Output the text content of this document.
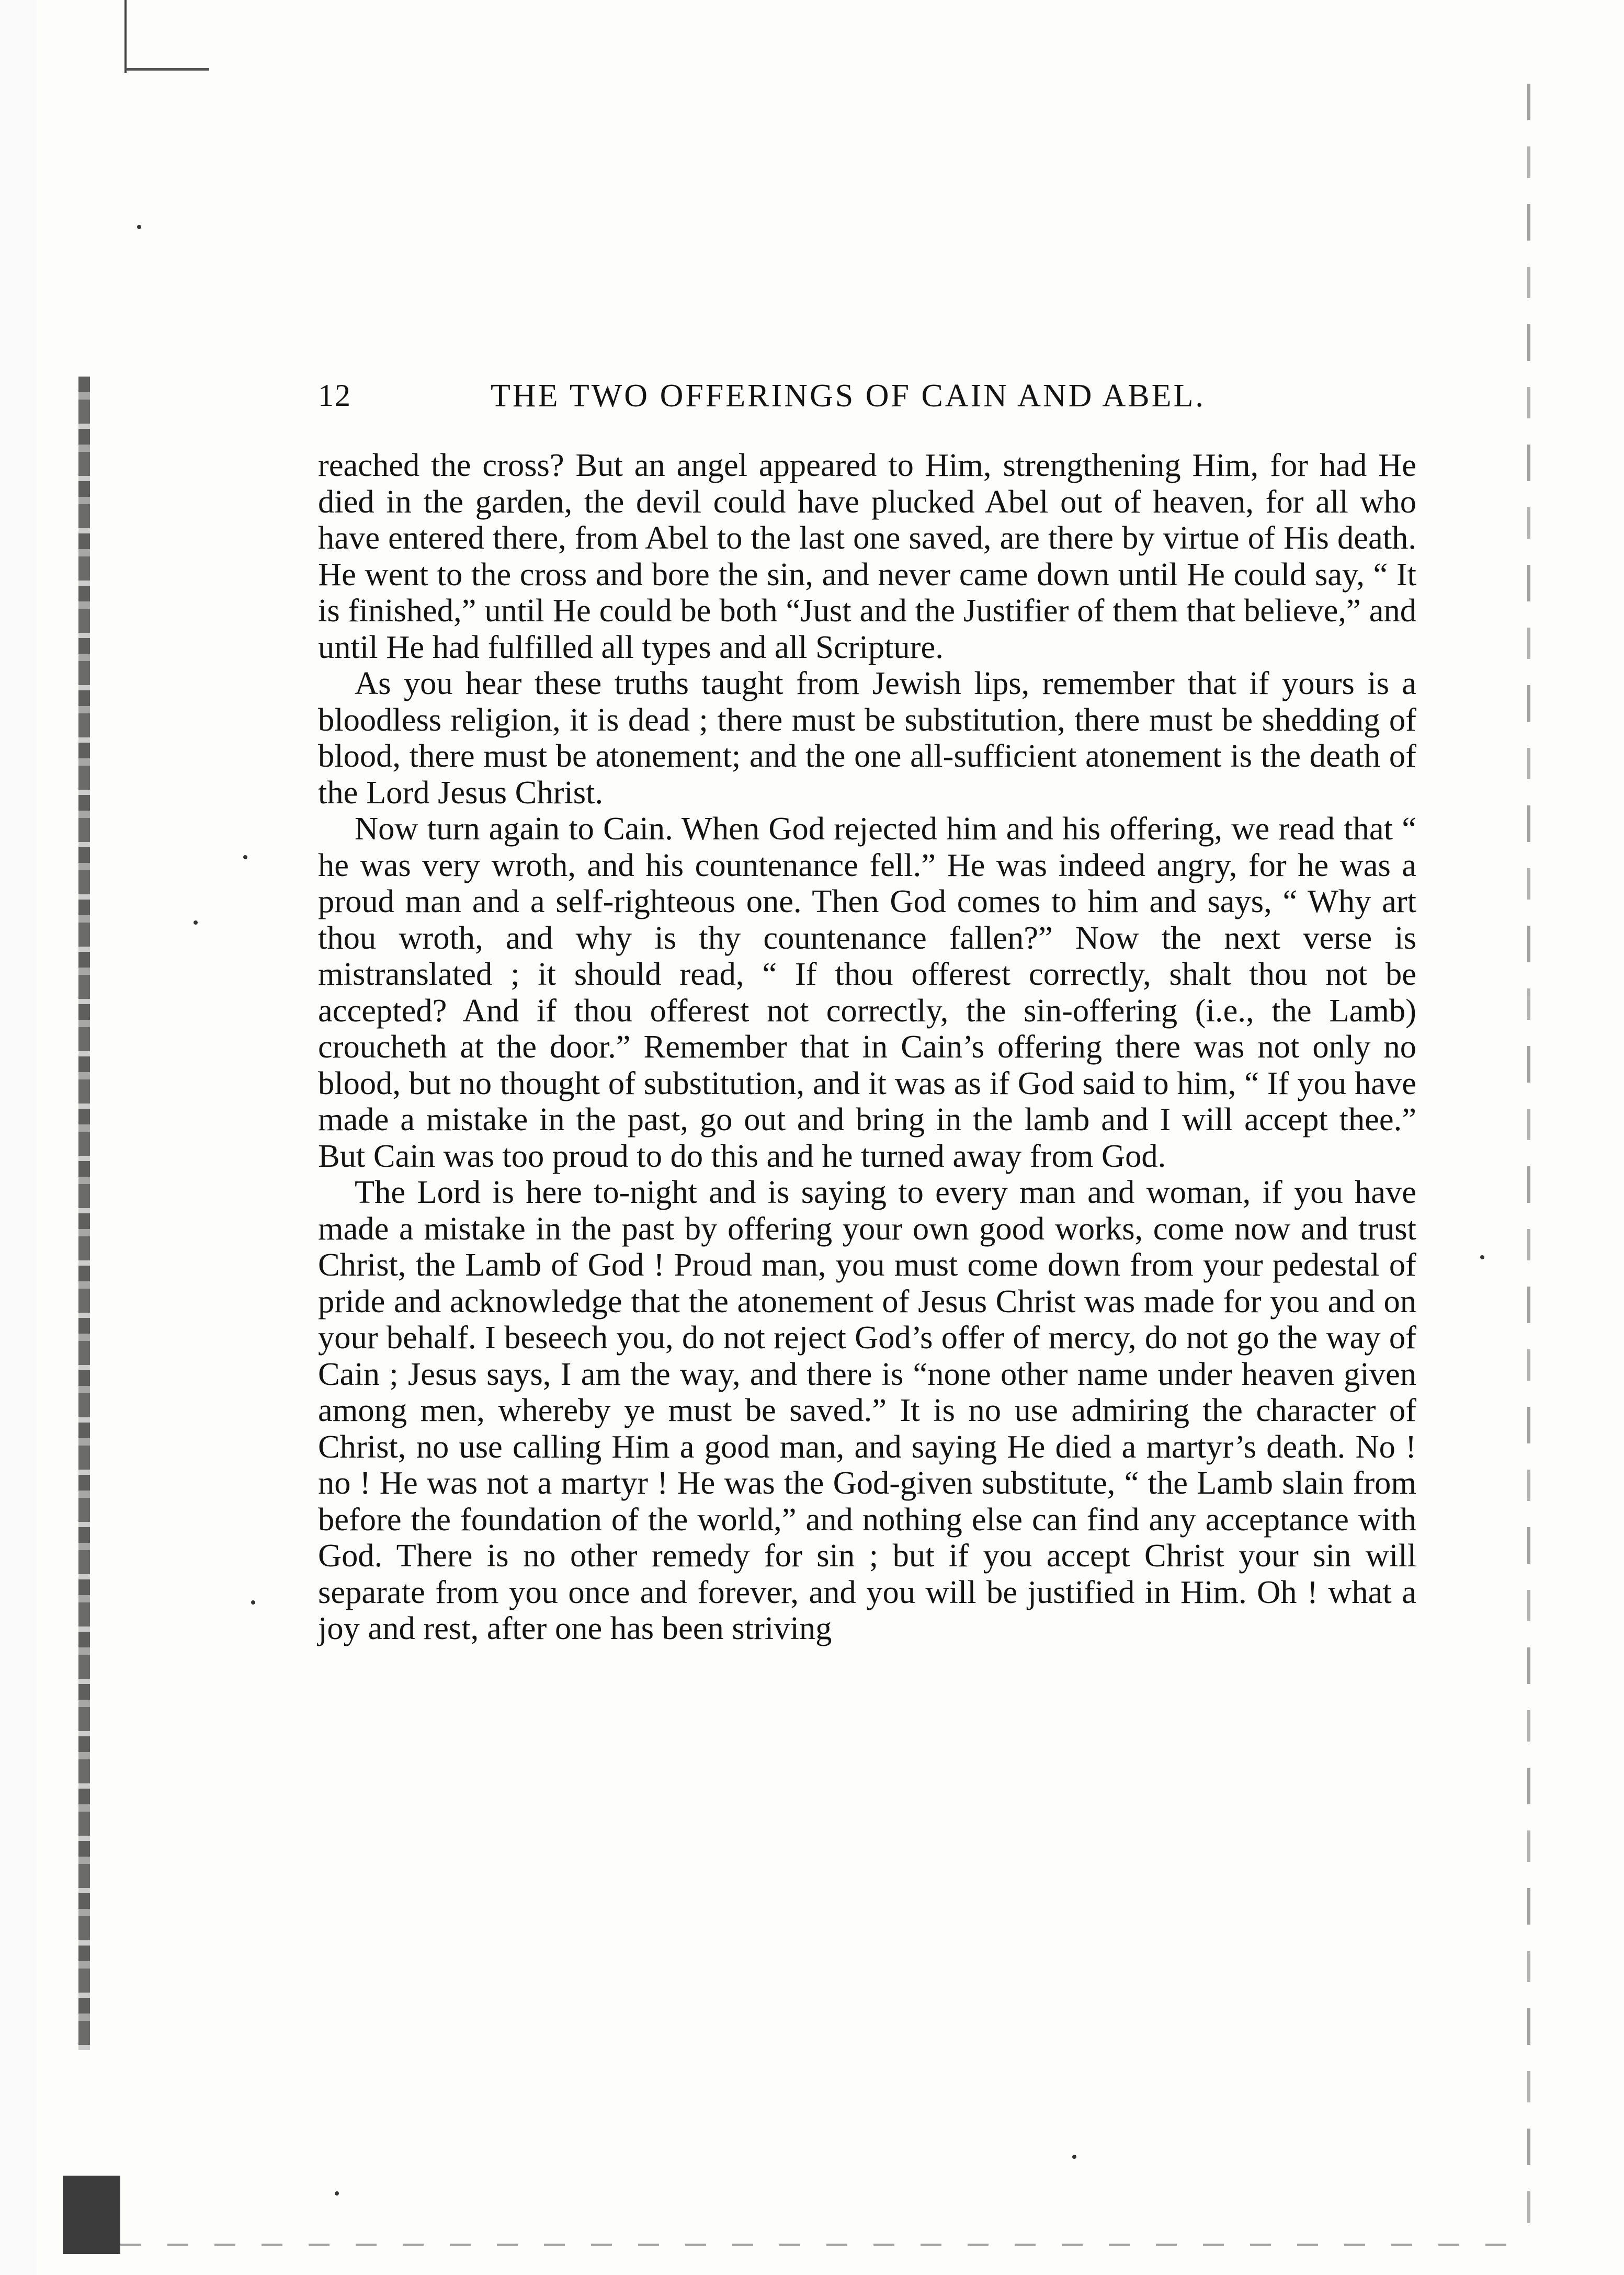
12	THE TWO OFFERINGS OF CAIN AND ABEL.

reached the cross? But an angel appeared to Him, strengthening Him, for had He died in the garden, the devil could have plucked Abel out of heaven, for all who have entered there, from Abel to the last one saved, are there by virtue of His death. He went to the cross and bore the sin, and never came down until He could say, “ It is finished,” until He could be both “Just and the Justifier of them that believe,” and until He had fulfilled all types and all Scripture.

As you hear these truths taught from Jewish lips, remember that if yours is a bloodless religion, it is dead ; there must be substitution, there must be shedding of blood, there must be atonement; and the one all-sufficient atonement is the death of the Lord Jesus Christ.

Now turn again to Cain. When God rejected him and his offering, we read that “ he was very wroth, and his countenance fell.” He was indeed angry, for he was a proud man and a self-righteous one. Then God comes to him and says, “ Why art thou wroth, and why is thy countenance fallen?” Now the next verse is mistranslated ; it should read, “ If thou offerest correctly, shalt thou not be accepted? And if thou offerest not correctly, the sin-offering (i.e., the Lamb) croucheth at the door.” Remember that in Cain’s offering there was not only no blood, but no thought of substitution, and it was as if God said to him, “ If you have made a mistake in the past, go out and bring in the lamb and I will accept thee.” But Cain was too proud to do this and he turned away from God.

The Lord is here to-night and is saying to every man and woman, if you have made a mistake in the past by offering your own good works, come now and trust Christ, the Lamb of God ! Proud man, you must come down from your pedestal of pride and acknowledge that the atonement of Jesus Christ was made for you and on your behalf. I beseech you, do not reject God’s offer of mercy, do not go the way of Cain ; Jesus says, I am the way, and there is “none other name under heaven given among men, whereby ye must be saved.” It is no use admiring the character of Christ, no use calling Him a good man, and saying He died a martyr’s death. No ! no ! He was not a martyr ! He was the God-given substitute, “ the Lamb slain from before the foundation of the world,” and nothing else can find any acceptance with God. There is no other remedy for sin ; but if you accept Christ your sin will separate from you once and forever, and you will be justified in Him. Oh ! what a joy and rest, after one has been striving
